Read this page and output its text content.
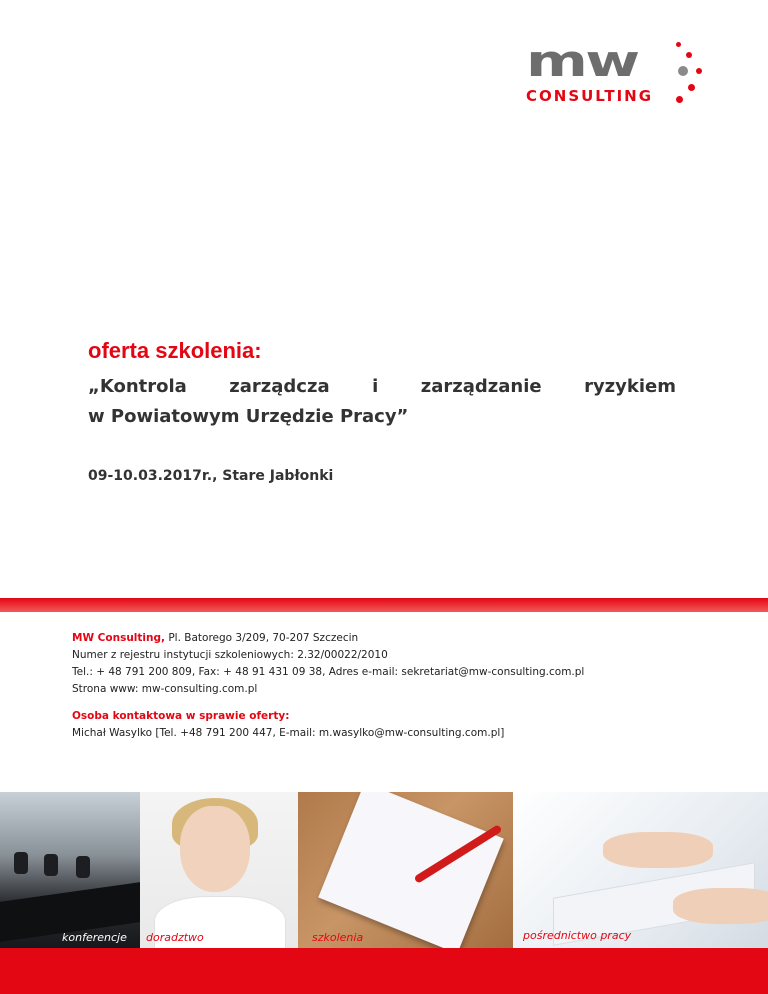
mw
CONSULTING

oferta szkolenia:

„Kontrola zarządcza i zarządzanie ryzykiem
w Powiatowym Urzędzie Pracy”

09-10.03.2017r., Stare Jabłonki

MW Consulting, Pl. Batorego 3/209, 70-207 Szczecin

Numer z rejestru instytucji szkoleniowych: 2.32/00022/2010

Tel.: + 48 791 200 809, Fax: + 48 91 431 09 38, Adres e-mail: sekretariat@mw-consulting.com.pl

Strona www: mw-consulting.com.pl

Osoba kontaktowa w sprawie oferty:

Michał Wasylko [Tel. +48 791 200 447, E-mail: m.wasylko@mw-consulting.com.pl]

konferencje doradztwo	szkolenia	pośrednictwo pracy
